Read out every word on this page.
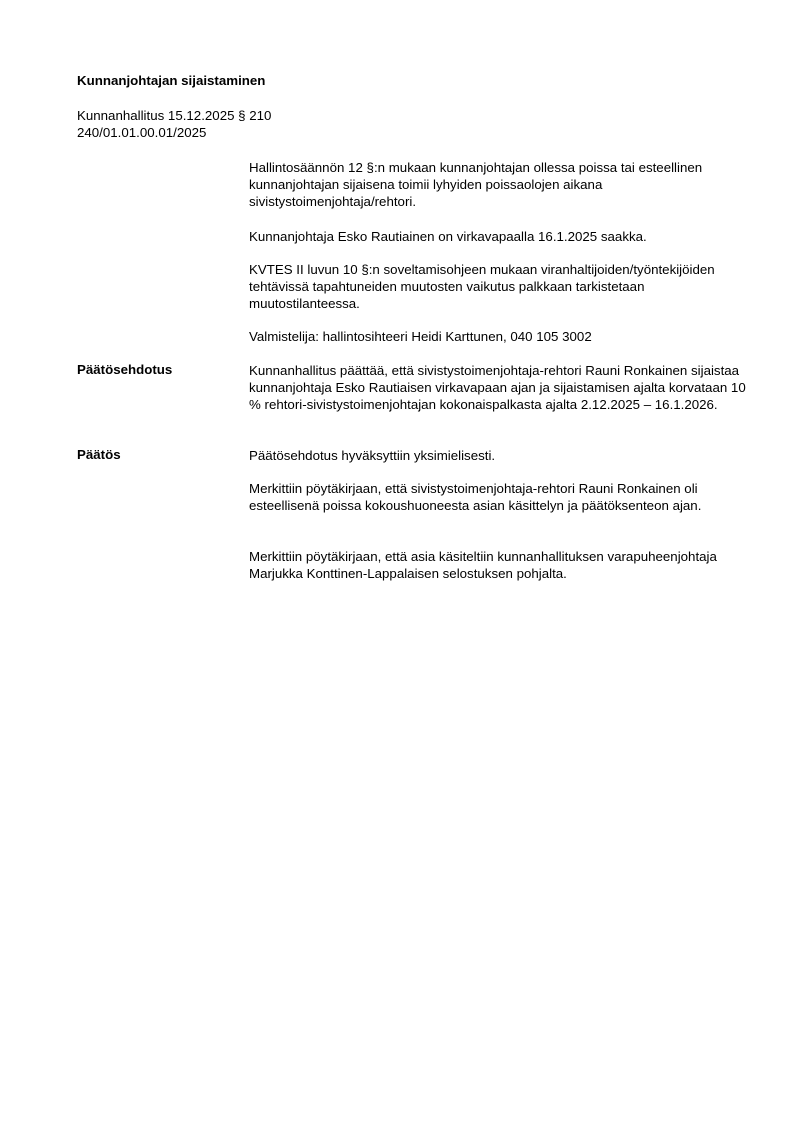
Kunnanjohtajan sijaistaminen
Kunnanhallitus 15.12.2025 § 210
240/01.01.00.01/2025

Hallintosäännön 12 §:n mukaan kunnanjohtajan ollessa poissa tai esteellinen kunnanjohtajan sijaisena toimii lyhyiden poissaolojen aikana sivistystoimenjohtaja/rehtori.

Kunnanjohtaja Esko Rautiainen on virkavapaalla 16.1.2025 saakka.

KVTES II luvun 10 §:n soveltamisohjeen mukaan viranhaltijoiden/työntekijöiden tehtävissä tapahtuneiden muutosten vaikutus palkkaan tarkistetaan muutostilanteessa.

Valmistelija: hallintosihteeri Heidi Karttunen, 040 105 3002

Päätösehdotus	Kunnanhallitus päättää, että sivistystoimenjohtaja-rehtori Rauni Ronkainen sijaistaa kunnanjohtaja Esko Rautiaisen virkavapaan ajan ja sijaistamisen ajalta korvataan 10 % rehtori-sivistystoimenjohtajan kokonaispalkasta ajalta 2.12.2025 – 16.1.2026.

Päätös	Päätösehdotus hyväksyttiin yksimielisesti.

Merkittiin pöytäkirjaan, että sivistystoimenjohtaja-rehtori Rauni Ronkainen oli esteellisenä poissa kokoushuoneesta asian käsittelyn ja päätöksenteon ajan.

Merkittiin pöytäkirjaan, että asia käsiteltiin kunnanhallituksen varapuheenjohtaja Marjukka Konttinen-Lappalaisen selostuksen pohjalta.
